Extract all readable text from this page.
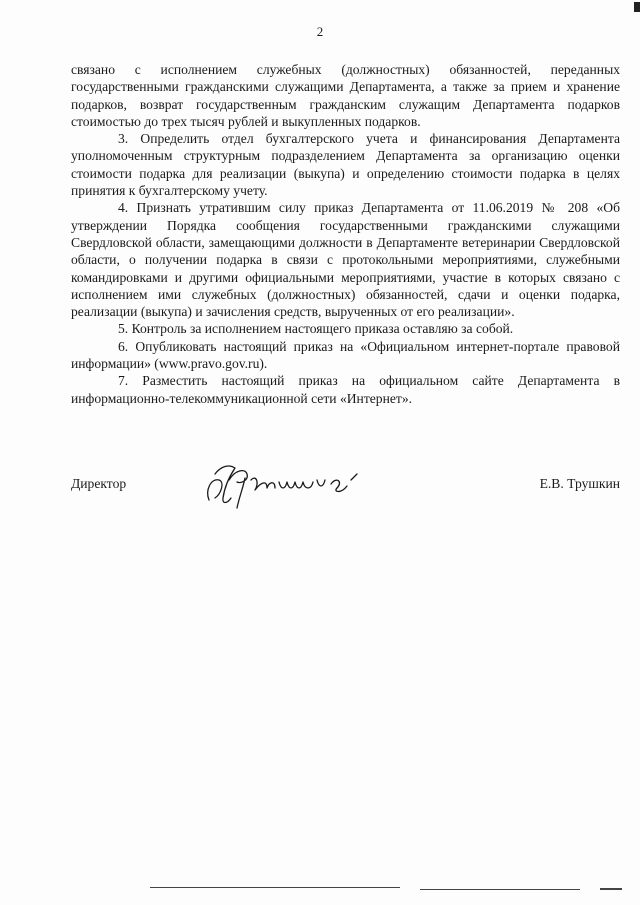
2

связано с исполнением служебных (должностных) обязанностей, переданных государственными гражданскими служащими Департамента, а также за прием и хранение подарков, возврат государственным гражданским служащим Департамента подарков стоимостью до трех тысяч рублей и выкупленных подарков.

3. Определить отдел бухгалтерского учета и финансирования Департамента уполномоченным структурным подразделением Департамента за организацию оценки стоимости подарка для реализации (выкупа) и определению стоимости подарка в целях принятия к бухгалтерскому учету.

4. Признать утратившим силу приказ Департамента от 11.06.2019 № 208 «Об утверждении Порядка сообщения государственными гражданскими служащими Свердловской области, замещающими должности в Департаменте ветеринарии Свердловской области, о получении подарка в связи с протокольными мероприятиями, служебными командировками и другими официальными мероприятиями, участие в которых связано с исполнением ими служебных (должностных) обязанностей, сдачи и оценки подарка, реализации (выкупа) и зачисления средств, вырученных от его реализации».

5. Контроль за исполнением настоящего приказа оставляю за собой.

6. Опубликовать настоящий приказ на «Официальном интернет-портале правовой информации» (www.pravo.gov.ru).

7. Разместить настоящий приказ на официальном сайте Департамента в информационно-телекоммуникационной сети «Интернет».

Директор	Е.В. Трушкин
